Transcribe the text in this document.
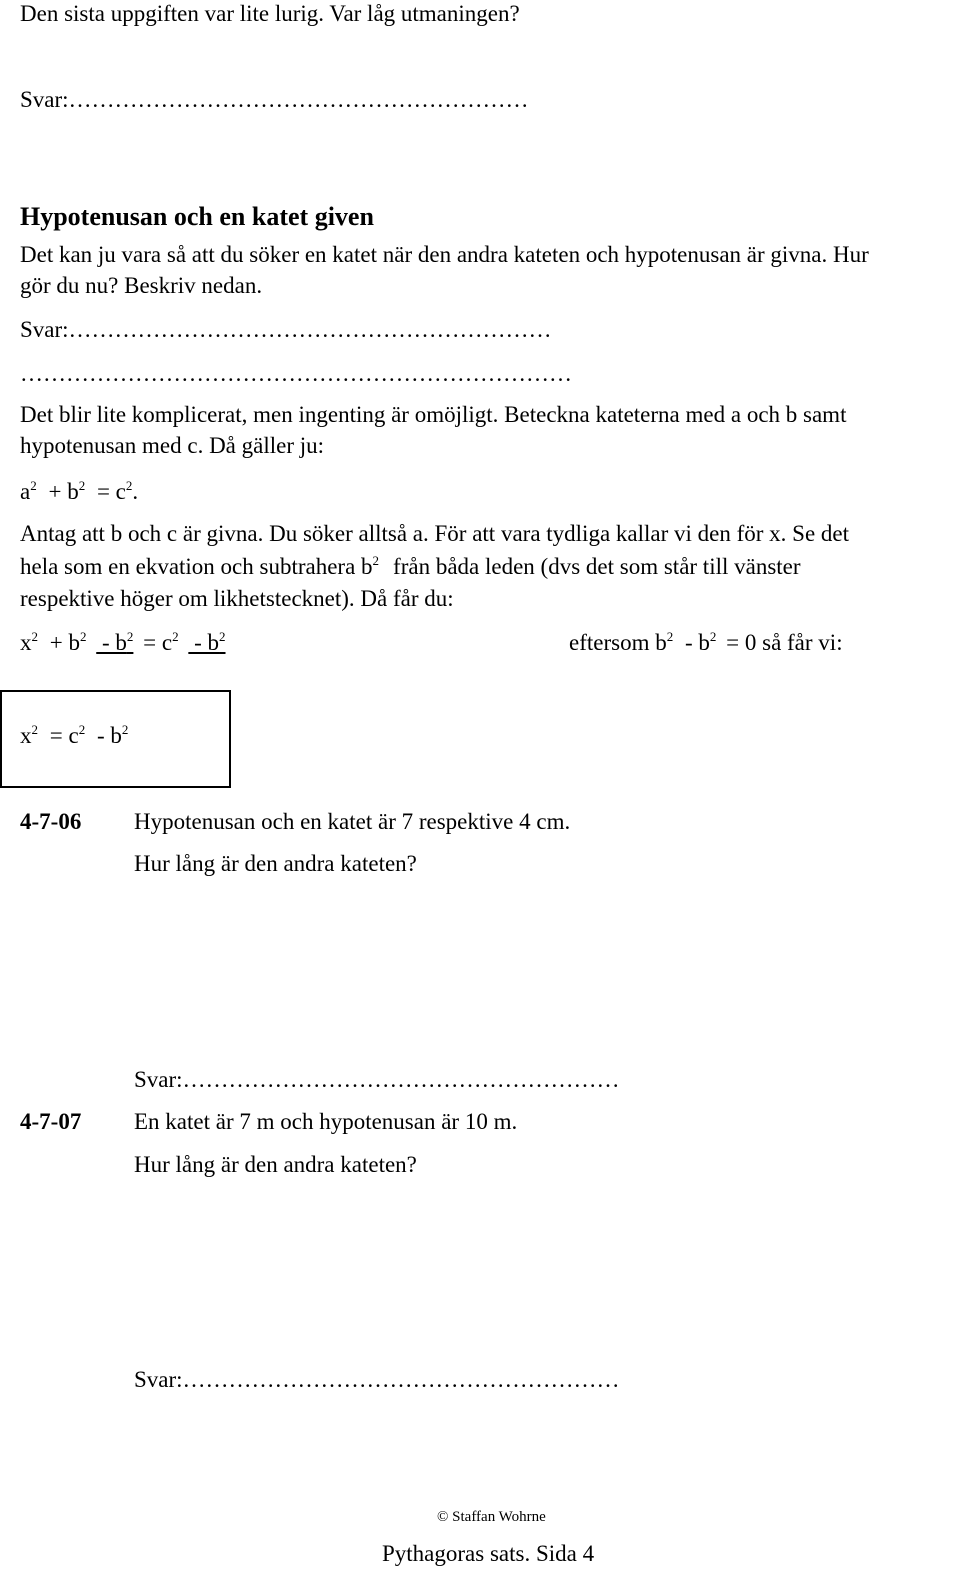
Den sista uppgiften var lite lurig. Var låg utmaningen?
Svar:……………………………………………………
Hypotenusan och en katet given
Det kan ju vara så att du söker en katet när den andra kateten och hypotenusan är givna. Hur
gör du nu? Beskriv nedan.
Svar:………………………………………………………
………………………………………………………………
Det blir lite komplicerat, men ingenting är omöjligt. Beteckna kateterna med a och b samt
hypotenusan med c. Då gäller ju:
$a^2 + b^2 = c^2$.
Antag att b och c är givna. Du söker alltså a. För att vara tydliga kallar vi den för x. Se det
hela som en ekvation och subtrahera $b^2$ från båda leden (dvs det som står till vänster
respektive höger om likhetstecknet). Då får du:
$x^2 + b^2 - b^2 = c^2 - b^2$	eftersom $b^2 - b^2 = 0$ så får vi:
$x^2 = c^2 - b^2$
4-7-06 Hypotenusan och en katet är 7 respektive 4 cm.
Hur lång är den andra kateten?
Svar:…………………………………………………
4-7-07 En katet är 7 m och hypotenusan är 10 m.
Hur lång är den andra kateten?
Svar:…………………………………………………
© Staffan Wohrne
Pythagoras sats. Sida 4
